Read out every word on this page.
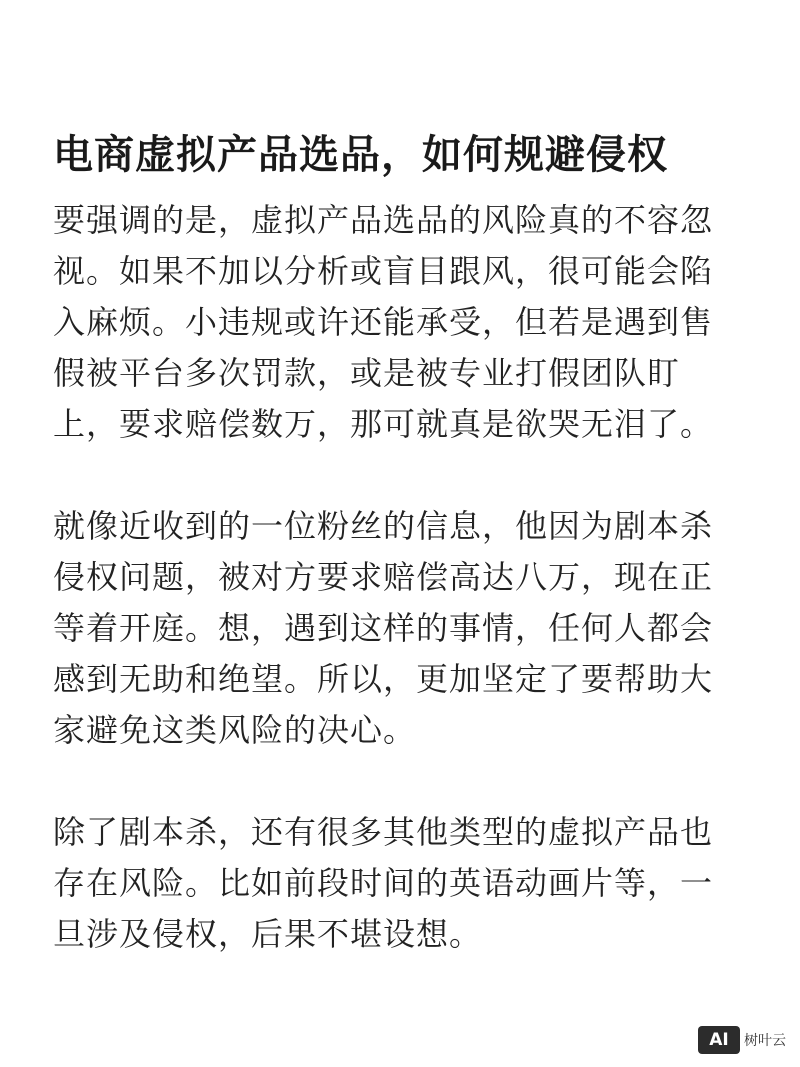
电商虚拟产品选品，如何规避侵权

要强调的是，虚拟产品选品的风险真的不容忽
视。如果不加以分析或盲目跟风，很可能会陷
入麻烦。小违规或许还能承受，但若是遇到售
假被平台多次罚款，或是被专业打假团队盯
上，要求赔偿数万，那可就真是欲哭无泪了。

就像近收到的一位粉丝的信息，他因为剧本杀
侵权问题，被对方要求赔偿高达八万，现在正
等着开庭。想，遇到这样的事情，任何人都会
感到无助和绝望。所以，更加坚定了要帮助大
家避免这类风险的决心。

除了剧本杀，还有很多其他类型的虚拟产品也
存在风险。比如前段时间的英语动画片等，一
旦涉及侵权，后果不堪设想。

AI	树叶云
